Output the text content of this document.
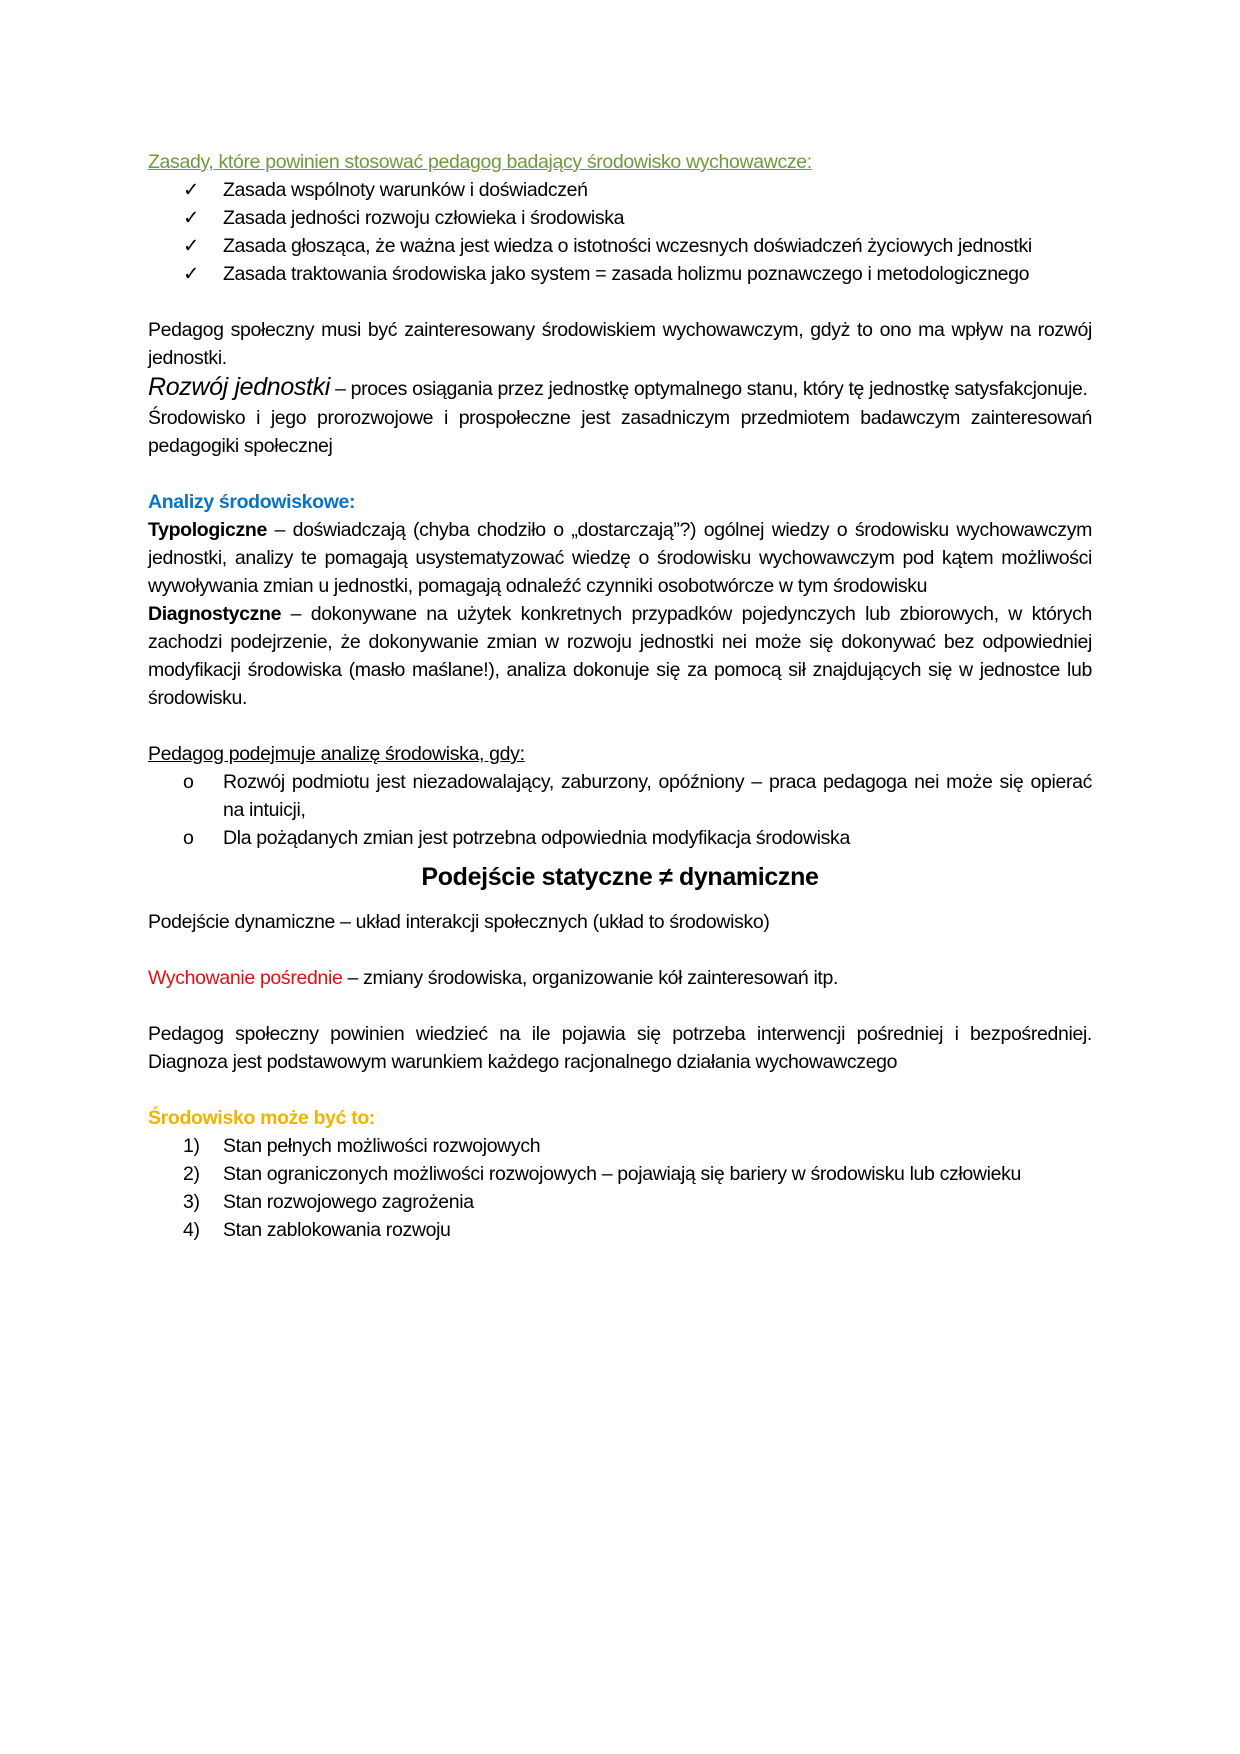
Zasady, które powinien stosować pedagog badający środowisko wychowawcze:

✓	Zasada wspólnoty warunków i doświadczeń
✓	Zasada jedności rozwoju człowieka i środowiska
✓	Zasada głosząca, że ważna jest wiedza o istotności wczesnych doświadczeń życiowych jednostki
✓	Zasada traktowania środowiska jako system = zasada holizmu poznawczego i metodologicznego

Pedagog społeczny musi być zainteresowany środowiskiem wychowawczym, gdyż to ono ma wpływ na rozwój jednostki.

Rozwój jednostki – proces osiągania przez jednostkę optymalnego stanu, który tę jednostkę satysfakcjonuje.

Środowisko i jego prorozwojowe i prospołeczne jest zasadniczym przedmiotem badawczym zainteresowań pedagogiki społecznej

Analizy środowiskowe:

Typologiczne – doświadczają (chyba chodziło o „dostarczają”?) ogólnej wiedzy o środowisku wychowawczym jednostki, analizy te pomagają usystematyzować wiedzę o środowisku wychowawczym pod kątem możliwości wywoływania zmian u jednostki, pomagają odnaleźć czynniki osobotwórcze w tym środowisku

Diagnostyczne – dokonywane na użytek konkretnych przypadków pojedynczych lub zbiorowych, w których zachodzi podejrzenie, że dokonywanie zmian w rozwoju jednostki nei może się dokonywać bez odpowiedniej modyfikacji środowiska (masło maślane!), analiza dokonuje się za pomocą sił znajdujących się w jednostce lub środowisku.

Pedagog podejmuje analizę środowiska, gdy:

o	Rozwój podmiotu jest niezadowalający, zaburzony, opóźniony – praca pedagoga nei może się opierać na intuicji,
o	Dla pożądanych zmian jest potrzebna odpowiednia modyfikacja środowiska
Podejście statyczne ≠ dynamiczne

Podejście dynamiczne – układ interakcji społecznych (układ to środowisko)

Wychowanie pośrednie – zmiany środowiska, organizowanie kół zainteresowań itp.

Pedagog społeczny powinien wiedzieć na ile pojawia się potrzeba interwencji pośredniej i bezpośredniej. Diagnoza jest podstawowym warunkiem każdego racjonalnego działania wychowawczego

Środowisko może być to:

1)	Stan pełnych możliwości rozwojowych
2)	Stan ograniczonych możliwości rozwojowych – pojawiają się bariery w środowisku lub człowieku
3)	Stan rozwojowego zagrożenia
4)	Stan zablokowania rozwoju
